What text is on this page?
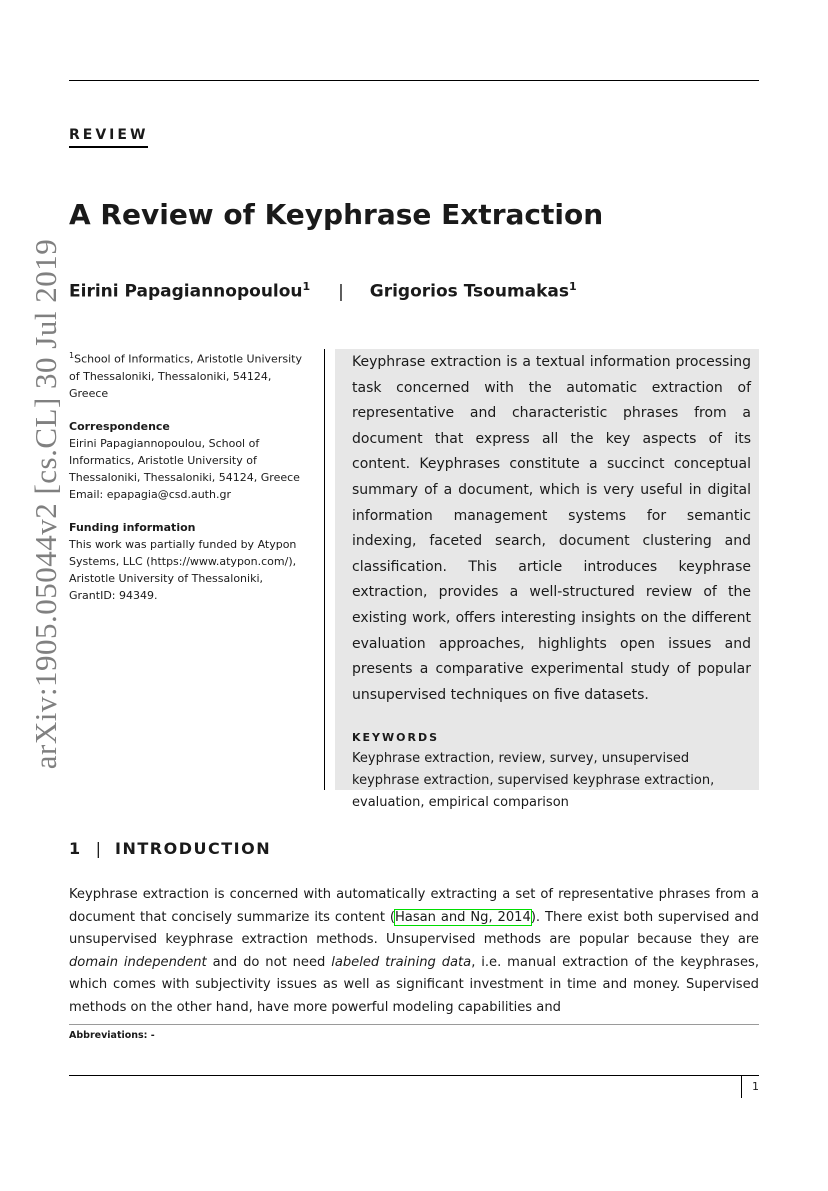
REVIEW
arXiv:1905.05044v2 [cs.CL] 30 Jul 2019
A Review of Keyphrase Extraction
Eirini Papagiannopoulou$^1$ | Grigorios Tsoumakas$^1$
$^1$School of Informatics, Aristotle University of Thessaloniki, Thessaloniki, 54124, Greece
Correspondence
Eirini Papagiannopoulou, School of Informatics, Aristotle University of Thessaloniki, Thessaloniki, 54124, Greece
Email: epapagia@csd.auth.gr
Funding information
This work was partially funded by Atypon Systems, LLC (https://www.atypon.com/), Aristotle University of Thessaloniki, GrantID: 94349.

Keyphrase extraction is a textual information processing task concerned with the automatic extraction of representative and characteristic phrases from a document that express all the key aspects of its content. Keyphrases constitute a succinct conceptual summary of a document, which is very useful in digital information management systems for semantic indexing, faceted search, document clustering and classification. This article introduces keyphrase extraction, provides a well-structured review of the existing work, offers interesting insights on the different evaluation approaches, highlights open issues and presents a comparative experimental study of popular unsupervised techniques on five datasets.

KEYWORDS
Keyphrase extraction, review, survey, unsupervised keyphrase extraction, supervised keyphrase extraction, evaluation, empirical comparison
1 | INTRODUCTION

Keyphrase extraction is concerned with automatically extracting a set of representative phrases from a document that concisely summarize its content (Hasan and Ng, 2014). There exist both supervised and unsupervised keyphrase extraction methods. Unsupervised methods are popular because they are domain independent and do not need labeled training data, i.e. manual extraction of the keyphrases, which comes with subjectivity issues as well as significant investment in time and money. Supervised methods on the other hand, have more powerful modeling capabilities and

Abbreviations: -
1
